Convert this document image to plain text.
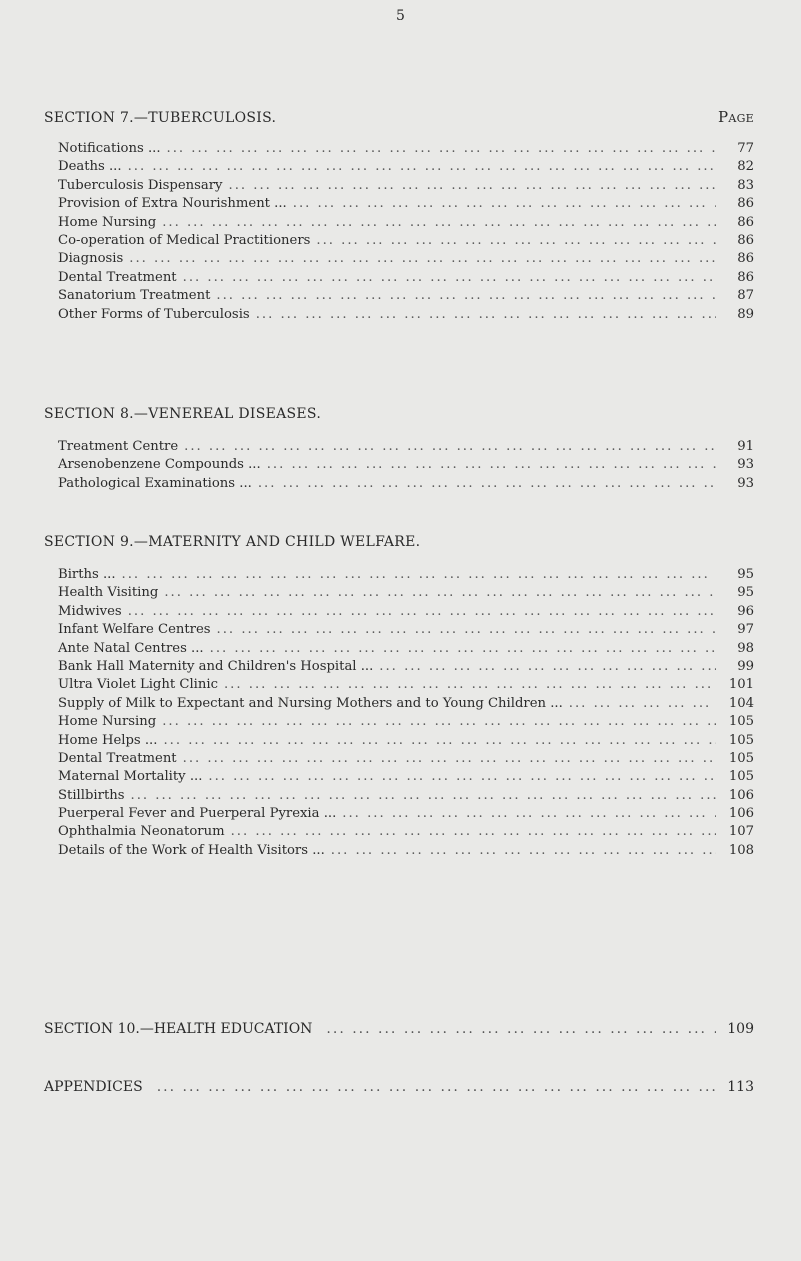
5
SECTION 7.—TUBERCULOSIS.	Page
Notifications ... ... .	77
Deaths ... ... .	82
Tuberculosis Dispensary ... .	83
Provision of Extra Nourishment ... ... .	86
Home Nursing ... .	86
Co-operation of Medical Practitioners ... .	86
Diagnosis ... .	86
Dental Treatment ... .	86
Sanatorium Treatment ... .	87
Other Forms of Tuberculosis ... .	89
SECTION 8.—VENEREAL DISEASES.
Treatment Centre ... .	91
Arsenobenzene Compounds ... ... .	93
Pathological Examinations ... ... .	93
SECTION 9.—MATERNITY AND CHILD WELFARE.
Births ... ... .	95
Health Visiting ... .	95
Midwives ... .	96
Infant Welfare Centres ... .	97
Ante Natal Centres ... ... .	98
Bank Hall Maternity and Children's Hospital ... ... .	99
Ultra Violet Light Clinic ... .	101
Supply of Milk to Expectant and Nursing Mothers and to Young Children ... ... .	104
Home Nursing ... .	105
Home Helps ... ... .	105
Dental Treatment ... .	105
Maternal Mortality ... ... .	105
Stillbirths ... .	106
Puerperal Fever and Puerperal Pyrexia ... ... .	106
Ophthalmia Neonatorum ... .	107
Details of the Work of Health Visitors ... ... .	108
SECTION 10.—HEALTH EDUCATION ... .	109
APPENDICES ... .	113
